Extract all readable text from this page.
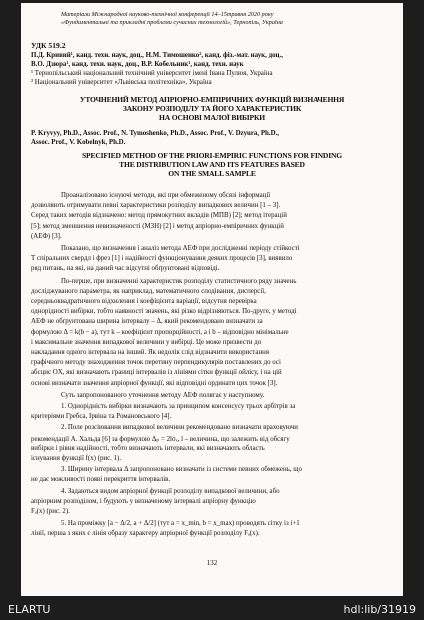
Матеріали Міжнародної науково-технічної конференції 14–15травня 2020 року
«Фундаментальні та прикладні проблеми сучасних технологій», Тернопіль, Україна
УДК 519.2
П.Д. Кривий¹, канд. техн. наук, доц., Н.М. Тимошенко², канд. фіз.-мат. наук, доц.,
В.О. Дзюра¹, канд. техн. наук, доц., В.Р. Кобельник¹, канд. техн. наук
¹ Тернопільський національний технічний університет імені Івана Пулюя, Україна
² Національний університет «Львівська політехніка», Україна
УТОЧНЕНИЙ МЕТОД АПРІОРНО-ЕМПІРИЧНИХ ФУНКЦІЙ ВИЗНАЧЕННЯ
ЗАКОНУ РОЗПОДІЛУ ТА ЙОГО ХАРАКТЕРИСТИК
НА ОСНОВІ МАЛОЇ ВИБІРКИ
P. Kryvyy, Ph.D., Assoc. Prof., N. Tymoshenko, Ph.D., Assoc. Prof., V. Dzyura, Ph.D.,
Assoc. Prof., V. Kobelnyk, Ph.D.
SPECIFIED METHOD OF THE PRIORI-EMPIRIC FUNCTIONS FOR FINDING
THE DISTRIBUTION LAW AND ITS FEATURES BASED
ON THE SMALL SAMPLE
Проаналізовано існуючі методи, які при обмеженому обсязі інформації
дозволяють отримувати певні характеристики розподілу випадкових величин [1 – 3].
Серед таких методів відзначено: метод прямокутних вкладів (МПВ) [2]; метод ітерацій
[5]; метод зменшення невизначеності (МЗН) [2] і метод апріорно-емпіричних функцій
(АЕФ) [3].
Показано, що визначення і аналіз метода АЕФ при дослідженні періоду стійкості
Т спіральних свердл і фрез [1] і надійності функціонування деяких процесів [3], виявило
ряд питань, на які, на даний час відсутні обґрунтовані відповіді.
По-перше, при визначенні характеристик розподілу статистичного ряду значень
досліджуваного параметра, як наприклад, математичного сподівання, дисперсії,
середньоквадратичного відхилення і коефіцієнта варіації, відсутня перевірка
однорідності вибірки, тобто наявності значень, які різко відрізняються. По-друге, у методі
АЕФ не обґрунтована ширина інтервалу – Δ, який рекомендовано визначати за
формулою Δ = k(b − a), тут k – коефіцієнт пропорційності, a і b – відповідно мінімальне
і максимальне значення випадкової величини у вибірці. Це може призвести до
накладання одного інтервала на інший. Як недолік слід відзначити використання
графічного методу знаходження точок перетину перпендикулярів поставлених до осі
абсцис OX, які визначають границі інтервалів із лініями сітки функції ойлісу, і на цій
основі визначати значення апріорної функції, які відповідні ординати цих точок [3].
Суть запропонованого уточнення методу АЕФ полягає у наступному.
1. Однорідність вибірки визначають за принципом консенсусу трьох арбітрів за
критеріями Гребса, Ірвіна та Романовського [4].
2. Поле розсіювання випадкової величини рекомендовано визначати враховуючи
рекомендації А. Хальда [6] за формулою Δₚ = 2lσₓ, l – величина, що залежить від обсягу
вибірки і рівня надійності, тобто визначають інтервали, які визначають область
існування функції f(x) (рис. 1).
3. Ширину інтервала Δ запропоновано визначати із системи певних обмежень, що
не дає можливості появі перекриття інтервалів.
4. Задаються видом апріорної функції розподілу випадкової величини, або
апріорним розподілом, і будують у визначеному інтервалі апріорну функцію
Fₐ(x) (рис. 2).
5. На проміжку [a − Δ/2, a + Δ/2] (тут a = x_min, b = x_max) проводять сітку із i+1
лінії, перша з яких є лінія образу характеру апріорної функції розподілу Fₐ(x).
132
ELARTU	hdl:lib/31919
